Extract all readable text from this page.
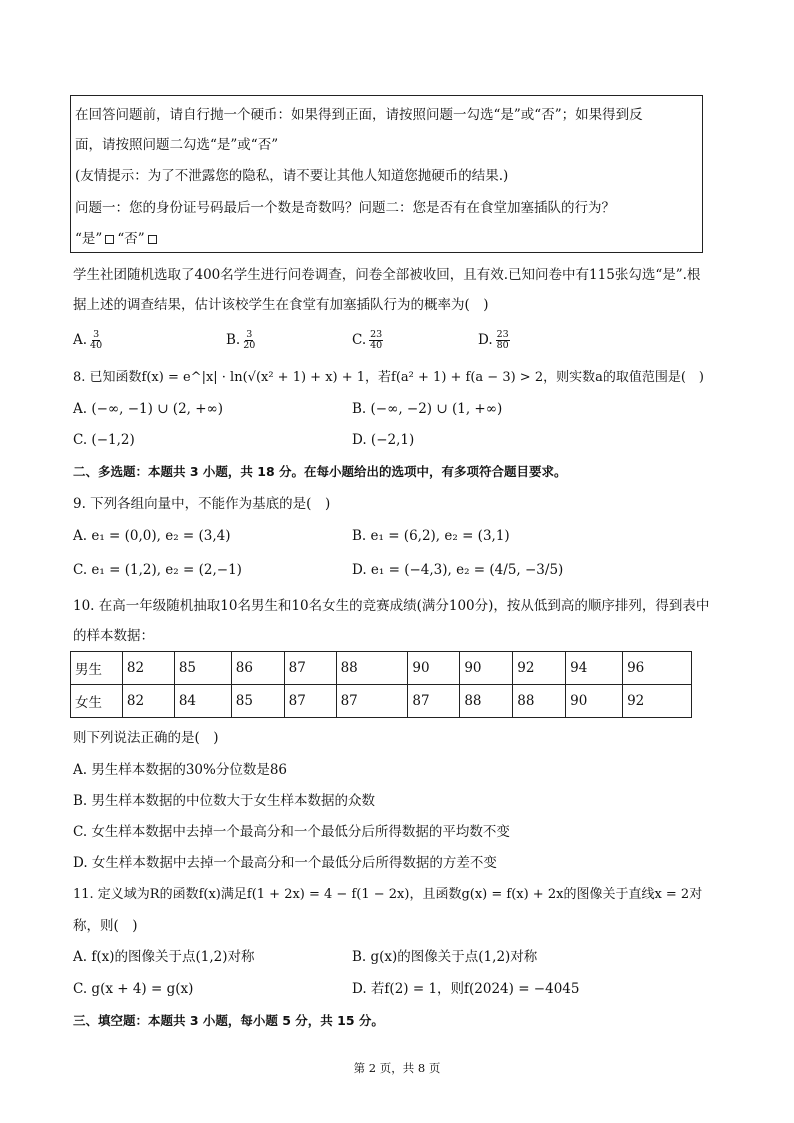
在回答问题前，请自行抛一个硬币：如果得到正面，请按照问题一勾选“是”或“否”；如果得到反
面，请按照问题二勾选“是”或“否”
(友情提示：为了不泄露您的隐私，请不要让其他人知道您抛硬币的结果.)
问题一：您的身份证号码最后一个数是奇数吗？问题二：您是否有在食堂加塞插队的行为？
“是” “否”
学生社团随机选取了400名学生进行问卷调查，问卷全部被收回，且有效.已知问卷中有115张勾选“是”.根
据上述的调查结果，估计该校学生在食堂有加塞插队行为的概率为(　)
A. $\frac{3}{40}$	B. $\frac{3}{20}$	C. $\frac{23}{40}$	D. $\frac{23}{80}$
8. 已知函数f(x) = e^|x| · ln(√(x² + 1) + x) + 1，若f(a² + 1) + f(a − 3) > 2，则实数a的取值范围是(　)
A. (−∞, −1) ∪ (2, +∞)	B. (−∞, −2) ∪ (1, +∞)
C. (−1,2)	D. (−2,1)
二、多选题：本题共 3 小题，共 18 分。在每小题给出的选项中，有多项符合题目要求。
9. 下列各组向量中，不能作为基底的是(　)
A. e₁ = (0,0), e₂ = (3,4)	B. e₁ = (6,2), e₂ = (3,1)
C. e₁ = (1,2), e₂ = (2,−1)	D. e₁ = (−4,3), e₂ = (4/5, −3/5)
10. 在高一年级随机抽取10名男生和10名女生的竞赛成绩(满分100分)，按从低到高的顺序排列，得到表中
的样本数据：
男生	82	85	86	87	88	90	90	92	94	96
女生	82	84	85	87	87	87	88	88	90	92
则下列说法正确的是(　)
A. 男生样本数据的30%分位数是86
B. 男生样本数据的中位数大于女生样本数据的众数
C. 女生样本数据中去掉一个最高分和一个最低分后所得数据的平均数不变
D. 女生样本数据中去掉一个最高分和一个最低分后所得数据的方差不变
11. 定义域为R的函数f(x)满足f(1 + 2x) = 4 − f(1 − 2x)，且函数g(x) = f(x) + 2x的图像关于直线x = 2对
称，则(　)
A. f(x)的图像关于点(1,2)对称	B. g(x)的图像关于点(1,2)对称
C. g(x + 4) = g(x)	D. 若f(2) = 1，则f(2024) = −4045
三、填空题：本题共 3 小题，每小题 5 分，共 15 分。
第 2 页，共 8 页
